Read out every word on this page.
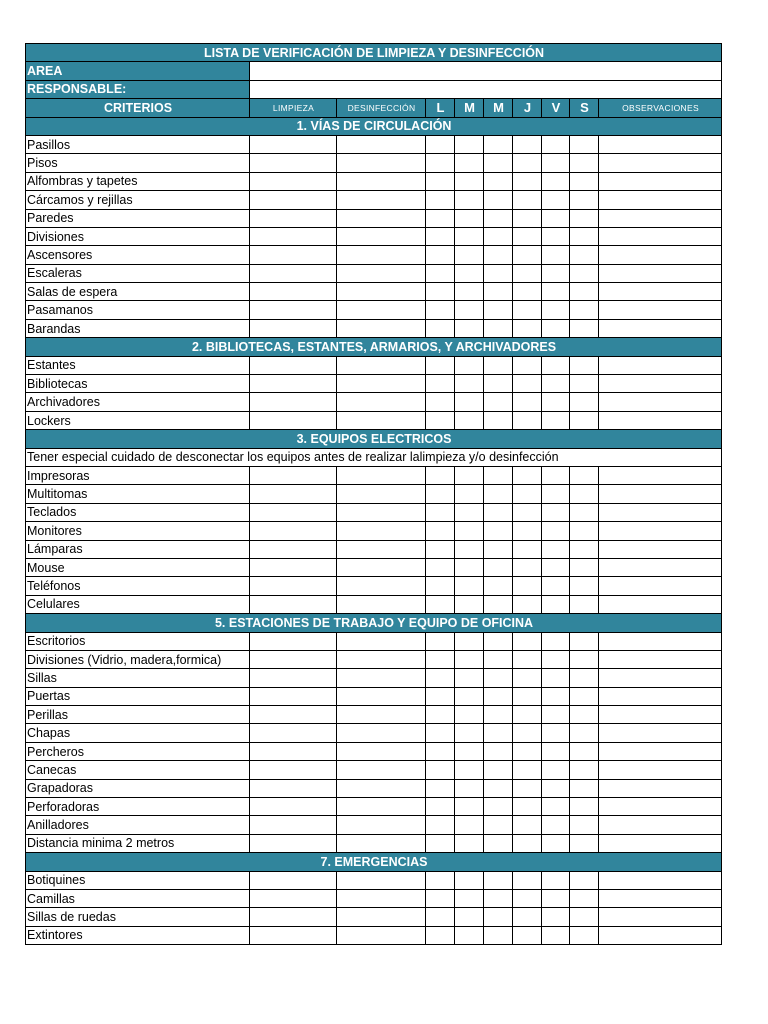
LISTA DE VERIFICACIÓN DE LIMPIEZA Y DESINFECCIÓN									
AREA									
RESPONSABLE:									
CRITERIOS	LIMPIEZA	DESINFECCIÓN	L	M	M	J	V	S	OBSERVACIONES
1. VÍAS DE CIRCULACIÓN									
Pasillos									
Pisos									
Alfombras y tapetes									
Cárcamos y rejillas									
Paredes									
Divisiones									
Ascensores									
Escaleras									
Salas de espera									
Pasamanos									
Barandas									
2. BIBLIOTECAS, ESTANTES, ARMARIOS, Y ARCHIVADORES									
Estantes									
Bibliotecas									
Archivadores									
Lockers									
3. EQUIPOS ELECTRICOS									
Tener especial cuidado de desconectar los equipos antes de realizar lalimpieza y/o desinfección									
Impresoras									
Multitomas									
Teclados									
Monitores									
Lámparas									
Mouse									
Teléfonos									
Celulares									
5. ESTACIONES DE TRABAJO Y EQUIPO DE OFICINA									
Escritorios									
Divisiones (Vidrio, madera,formica)									
Sillas									
Puertas									
Perillas									
Chapas									
Percheros									
Canecas									
Grapadoras									
Perforadoras									
Anilladores									
Distancia minima 2 metros									
7. EMERGENCIAS									
Botiquines									
Camillas									
Sillas de ruedas									
Extintores									
